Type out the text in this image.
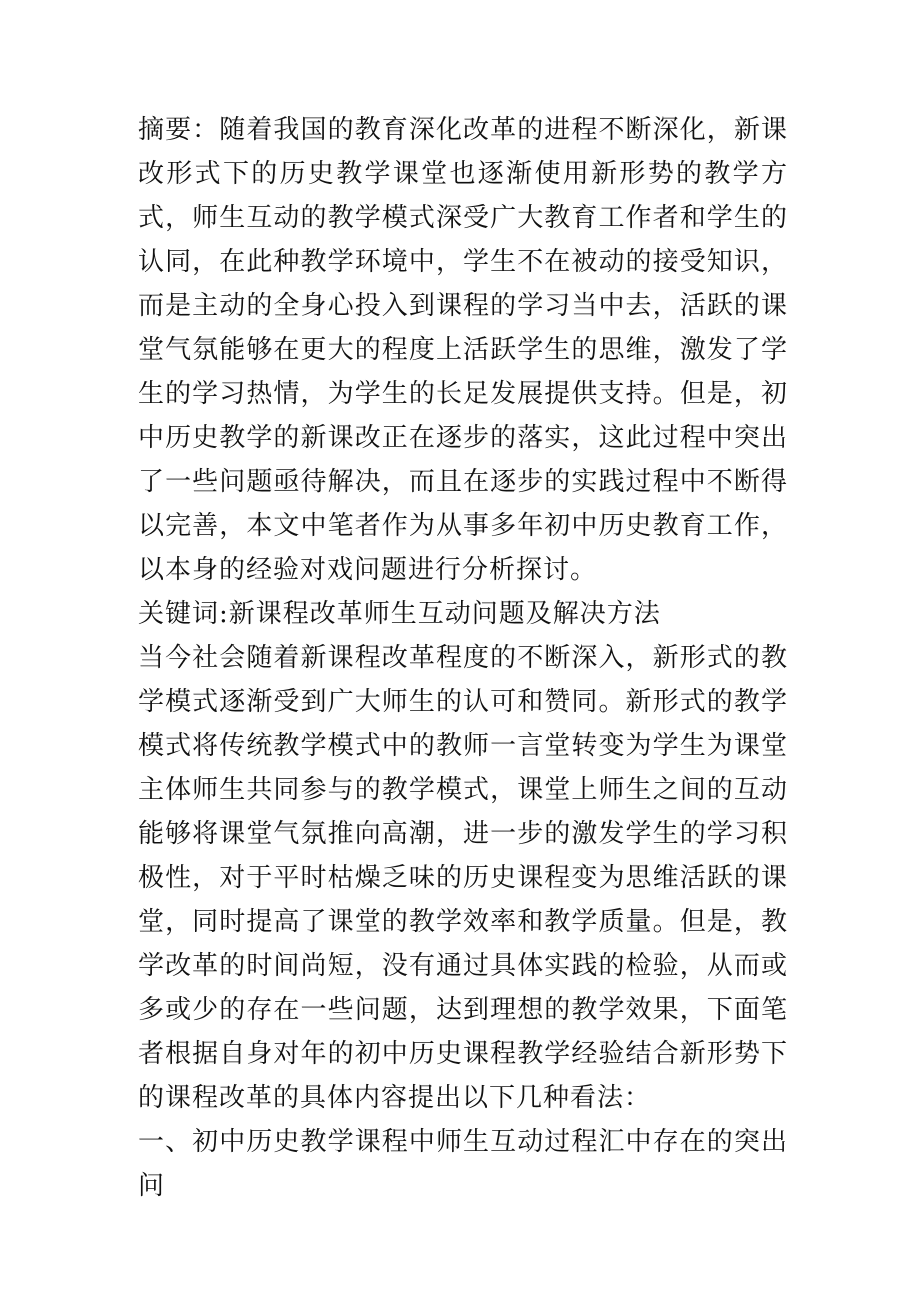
摘要：随着我国的教育深化改革的进程不断深化，新课改形式下的历史教学课堂也逐渐使用新形势的教学方式，师生互动的教学模式深受广大教育工作者和学生的认同，在此种教学环境中，学生不在被动的接受知识，而是主动的全身心投入到课程的学习当中去，活跃的课堂气氛能够在更大的程度上活跃学生的思维，激发了学生的学习热情，为学生的长足发展提供支持。但是，初中历史教学的新课改正在逐步的落实，这此过程中突出了一些问题亟待解决，而且在逐步的实践过程中不断得以完善，本文中笔者作为从事多年初中历史教育工作，以本身的经验对戏问题进行分析探讨。

关键词:新课程改革师生互动问题及解决方法

当今社会随着新课程改革程度的不断深入，新形式的教学模式逐渐受到广大师生的认可和赞同。新形式的教学模式将传统教学模式中的教师一言堂转变为学生为课堂主体师生共同参与的教学模式，课堂上师生之间的互动能够将课堂气氛推向高潮，进一步的激发学生的学习积极性，对于平时枯燥乏味的历史课程变为思维活跃的课堂，同时提高了课堂的教学效率和教学质量。但是，教学改革的时间尚短，没有通过具体实践的检验，从而或多或少的存在一些问题，达到理想的教学效果，下面笔者根据自身对年的初中历史课程教学经验结合新形势下的课程改革的具体内容提出以下几种看法：

一、初中历史教学课程中师生互动过程汇中存在的突出问
